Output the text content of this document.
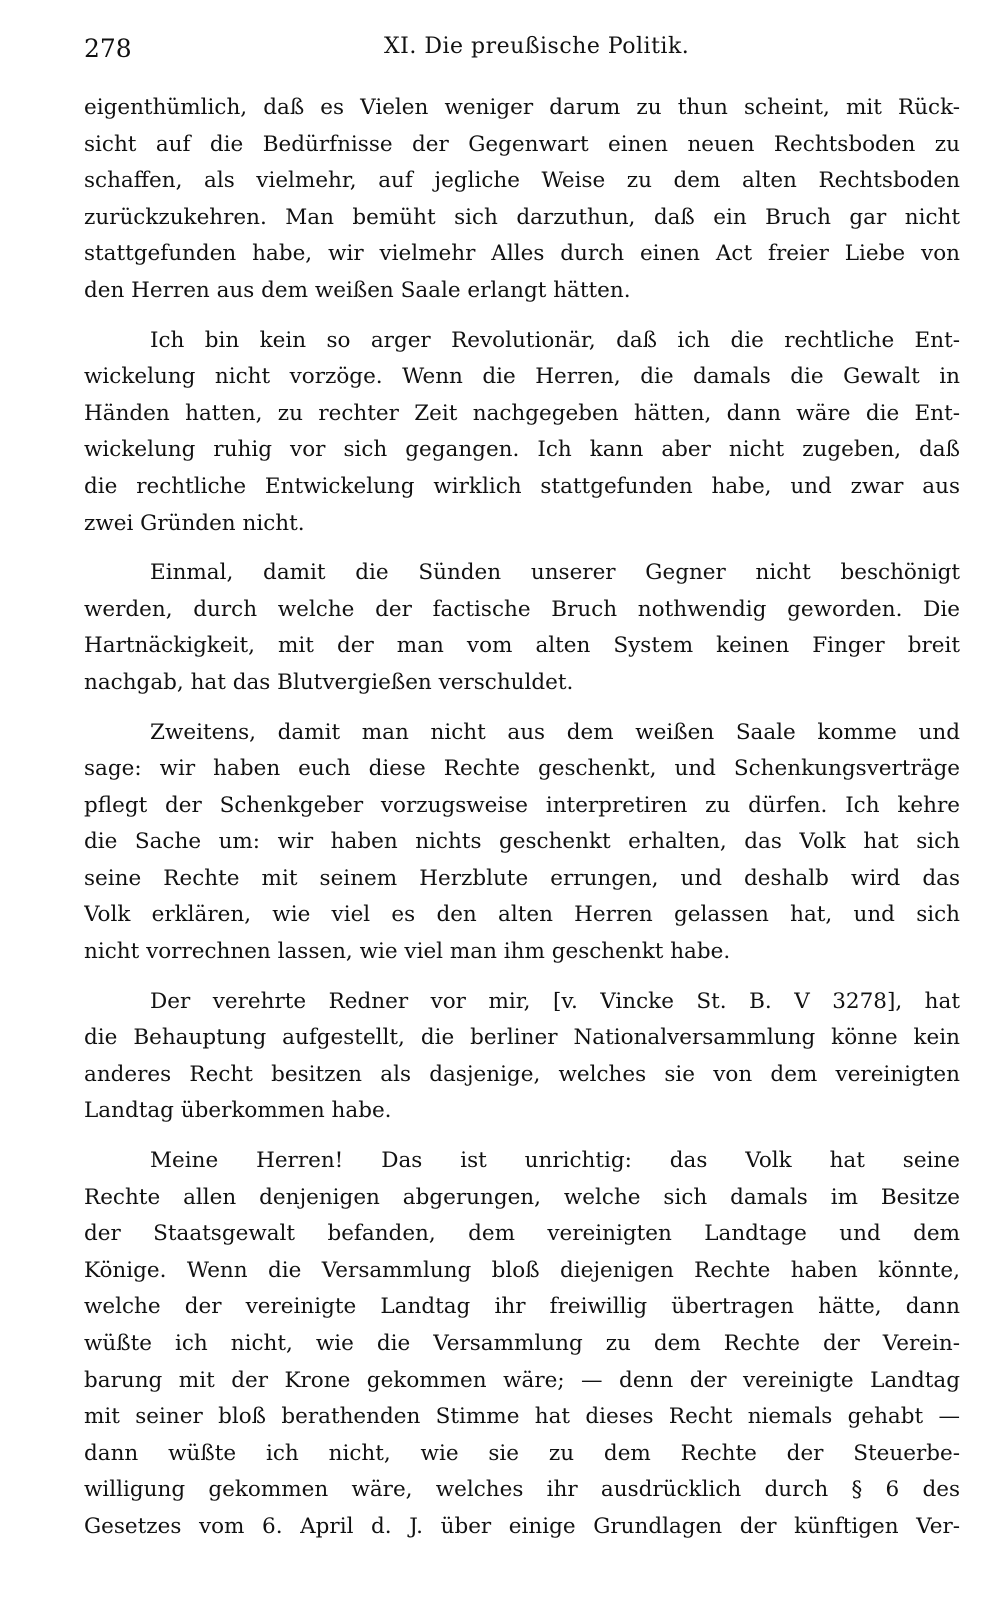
278	XI. Die preußische Politik.
eigenthümlich, daß es Vielen weniger darum zu thun scheint, mit Rück-
sicht auf die Bedürfnisse der Gegenwart einen neuen Rechtsboden zu
schaffen, als vielmehr, auf jegliche Weise zu dem alten Rechtsboden
zurückzukehren. Man bemüht sich darzuthun, daß ein Bruch gar nicht
stattgefunden habe, wir vielmehr Alles durch einen Act freier Liebe von
den Herren aus dem weißen Saale erlangt hätten.
Ich bin kein so arger Revolutionär, daß ich die rechtliche Ent-
wickelung nicht vorzöge. Wenn die Herren, die damals die Gewalt in
Händen hatten, zu rechter Zeit nachgegeben hätten, dann wäre die Ent-
wickelung ruhig vor sich gegangen. Ich kann aber nicht zugeben, daß
die rechtliche Entwickelung wirklich stattgefunden habe, und zwar aus
zwei Gründen nicht.
Einmal, damit die Sünden unserer Gegner nicht beschönigt
werden, durch welche der factische Bruch nothwendig geworden. Die
Hartnäckigkeit, mit der man vom alten System keinen Finger breit
nachgab, hat das Blutvergießen verschuldet.
Zweitens, damit man nicht aus dem weißen Saale komme und
sage: wir haben euch diese Rechte geschenkt, und Schenkungsverträge
pflegt der Schenkgeber vorzugsweise interpretiren zu dürfen. Ich kehre
die Sache um: wir haben nichts geschenkt erhalten, das Volk hat sich
seine Rechte mit seinem Herzblute errungen, und deshalb wird das
Volk erklären, wie viel es den alten Herren gelassen hat, und sich
nicht vorrechnen lassen, wie viel man ihm geschenkt habe.
Der verehrte Redner vor mir, [v. Vincke St. B. V 3278], hat
die Behauptung aufgestellt, die berliner Nationalversammlung könne kein
anderes Recht besitzen als dasjenige, welches sie von dem vereinigten
Landtag überkommen habe.
Meine Herren! Das ist unrichtig: das Volk hat seine
Rechte allen denjenigen abgerungen, welche sich damals im Besitze
der Staatsgewalt befanden, dem vereinigten Landtage und dem
Könige. Wenn die Versammlung bloß diejenigen Rechte haben könnte,
welche der vereinigte Landtag ihr freiwillig übertragen hätte, dann
wüßte ich nicht, wie die Versammlung zu dem Rechte der Verein-
barung mit der Krone gekommen wäre; — denn der vereinigte Landtag
mit seiner bloß berathenden Stimme hat dieses Recht niemals gehabt —
dann wüßte ich nicht, wie sie zu dem Rechte der Steuerbe-
willigung gekommen wäre, welches ihr ausdrücklich durch § 6 des
Gesetzes vom 6. April d. J. über einige Grundlagen der künftigen Ver-
